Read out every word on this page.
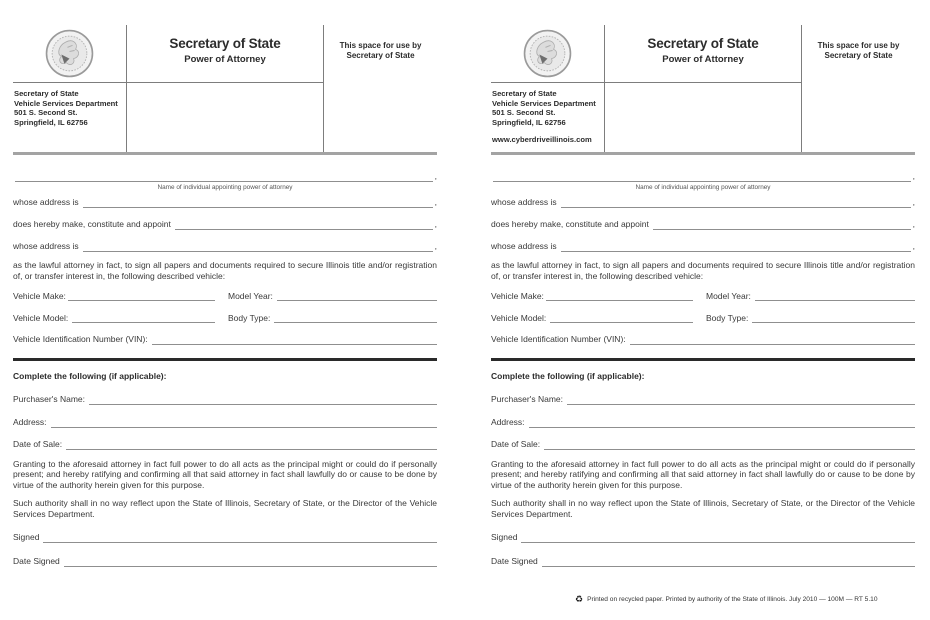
Secretary of State
Power of Attorney
This space for use by
Secretary of State
Secretary of State
Vehicle Services Department
501 S. Second St.
Springfield, IL 62756
,
Name of individual appointing power of attorney
whose address is	,
does hereby make, constitute and appoint	,
whose address is	,

as the lawful attorney in fact, to sign all papers and documents required to secure Illinois title and/or registration of, or transfer interest in, the following described vehicle:

Vehicle Make:	Model Year:
Vehicle Model:	Body Type:
Vehicle Identification Number (VIN):
Complete the following (if applicable):
Purchaser's Name:
Address:
Date of Sale:

Granting to the aforesaid attorney in fact full power to do all acts as the principal might or could do if personally present; and hereby ratifying and confirming all that said attorney in fact shall lawfully do or cause to be done by virtue of the authority herein given for this purpose.

Such authority shall in no way reflect upon the State of Illinois, Secretary of State, or the Director of the Vehicle Services Department.

Signed
Date Signed
Secretary of State
Power of Attorney
This space for use by
Secretary of State
Secretary of State
Vehicle Services Department
501 S. Second St.
Springfield, IL 62756
www.cyberdriveillinois.com
,
Name of individual appointing power of attorney
whose address is	,
does hereby make, constitute and appoint	,
whose address is	,

as the lawful attorney in fact, to sign all papers and documents required to secure Illinois title and/or registration of, or transfer interest in, the following described vehicle:

Vehicle Make:	Model Year:
Vehicle Model:	Body Type:
Vehicle Identification Number (VIN):
Complete the following (if applicable):
Purchaser's Name:
Address:
Date of Sale:

Granting to the aforesaid attorney in fact full power to do all acts as the principal might or could do if personally present; and hereby ratifying and confirming all that said attorney in fact shall lawfully do or cause to be done by virtue of the authority herein given for this purpose.

Such authority shall in no way reflect upon the State of Illinois, Secretary of State, or the Director of the Vehicle Services Department.

Signed
Date Signed
♻ Printed on recycled paper. Printed by authority of the State of Illinois. July 2010 — 100M — RT 5.10
